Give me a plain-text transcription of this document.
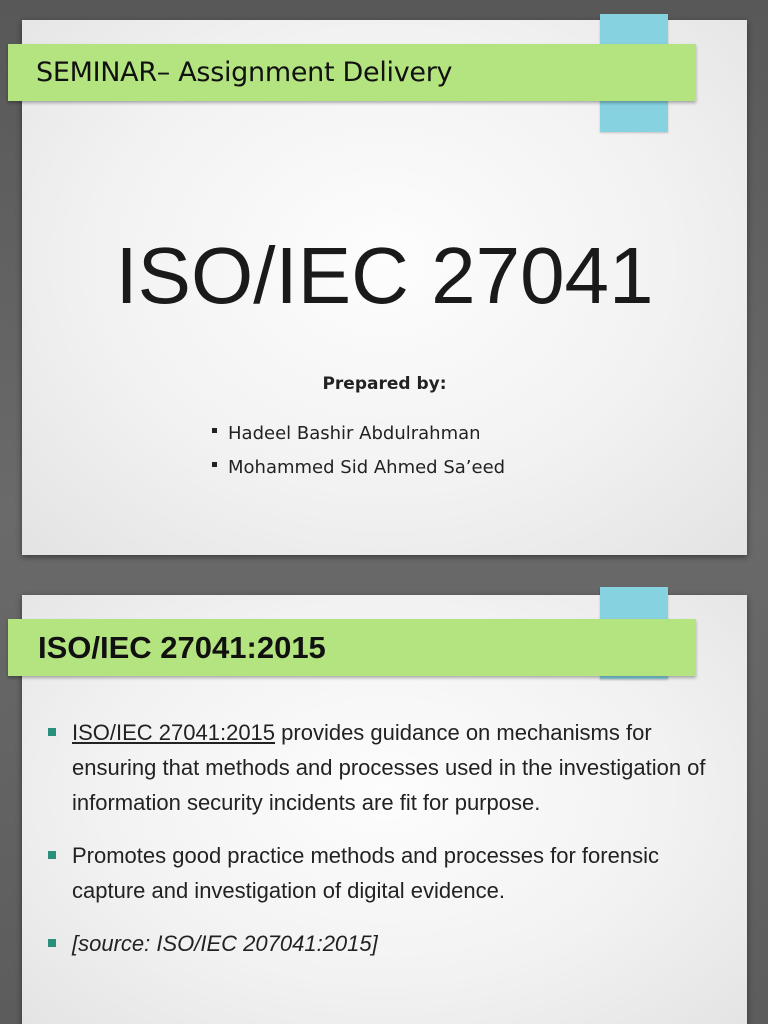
SEMINAR– Assignment Delivery
ISO/IEC 27041
Prepared by:
Hadeel Bashir Abdulrahman
Mohammed Sid Ahmed Sa’eed
ISO/IEC 27041:2015
ISO/IEC 27041:2015 provides guidance on mechanisms for ensuring that methods and processes used in the investigation of information security incidents are fit for purpose.
Promotes good practice methods and processes for forensic capture and investigation of digital evidence.
[source: ISO/IEC 207041:2015]
